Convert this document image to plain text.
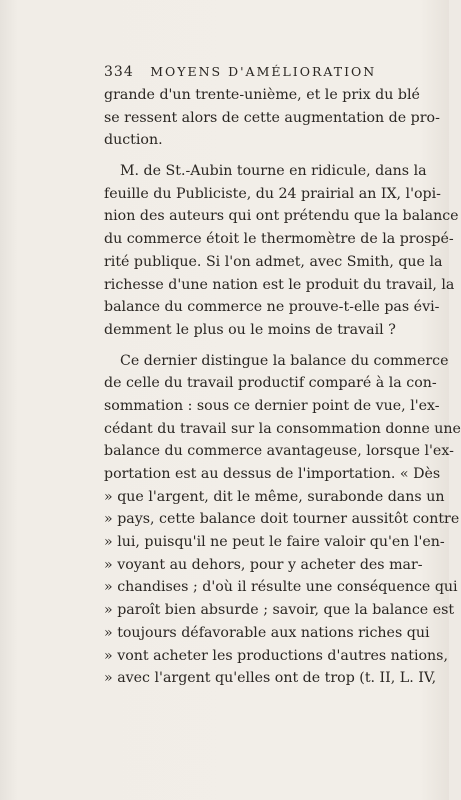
334 MOYENS D'AMÉLIORATION
grande d'un trente-unième, et le prix du blé
se ressent alors de cette augmentation de pro-
duction.
M. de St.-Aubin tourne en ridicule, dans la
feuille du Publiciste, du 24 prairial an IX, l'opi-
nion des auteurs qui ont prétendu que la balance
du commerce étoit le thermomètre de la prospé-
rité publique. Si l'on admet, avec Smith, que la
richesse d'une nation est le produit du travail, la
balance du commerce ne prouve-t-elle pas évi-
demment le plus ou le moins de travail ?
Ce dernier distingue la balance du commerce
de celle du travail productif comparé à la con-
sommation : sous ce dernier point de vue, l'ex-
cédant du travail sur la consommation donne une
balance du commerce avantageuse, lorsque l'ex-
portation est au dessus de l'importation. « Dès
» que l'argent, dit le même, surabonde dans un
» pays, cette balance doit tourner aussitôt contre
» lui, puisqu'il ne peut le faire valoir qu'en l'en-
» voyant au dehors, pour y acheter des mar-
» chandises ; d'où il résulte une conséquence qui
» paroît bien absurde ; savoir, que la balance est
» toujours défavorable aux nations riches qui
» vont acheter les productions d'autres nations,
» avec l'argent qu'elles ont de trop (t. II, L. IV,
